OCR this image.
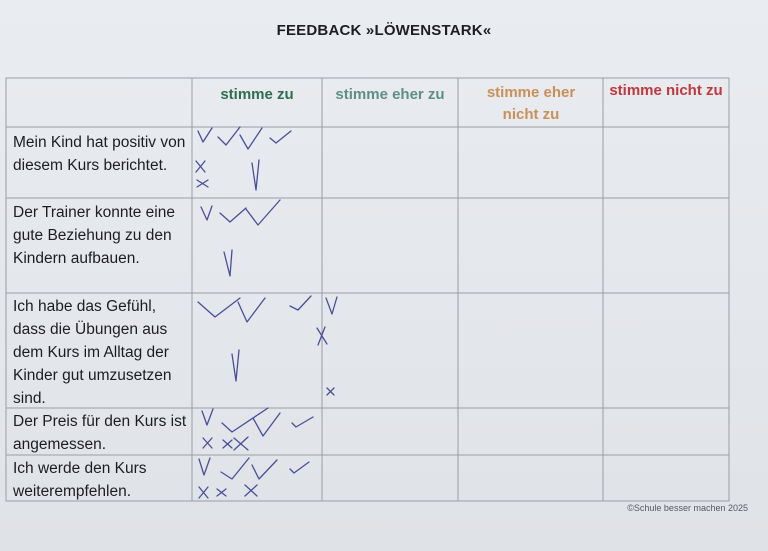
FEEDBACK »LÖWENSTARK«
stimme zu	stimme eher zu	stimme eher nicht zu
stimme nicht zu
Mein Kind hat positiv von diesem Kurs berichtet.
Der Trainer konnte eine gute Beziehung zu den Kindern aufbauen.
Ich habe das Gefühl, dass die Übungen aus dem Kurs im Alltag der Kinder gut umzusetzen sind.
Der Preis für den Kurs ist angemessen.
Ich werde den Kurs weiterempfehlen.
©Schule besser machen 2025
